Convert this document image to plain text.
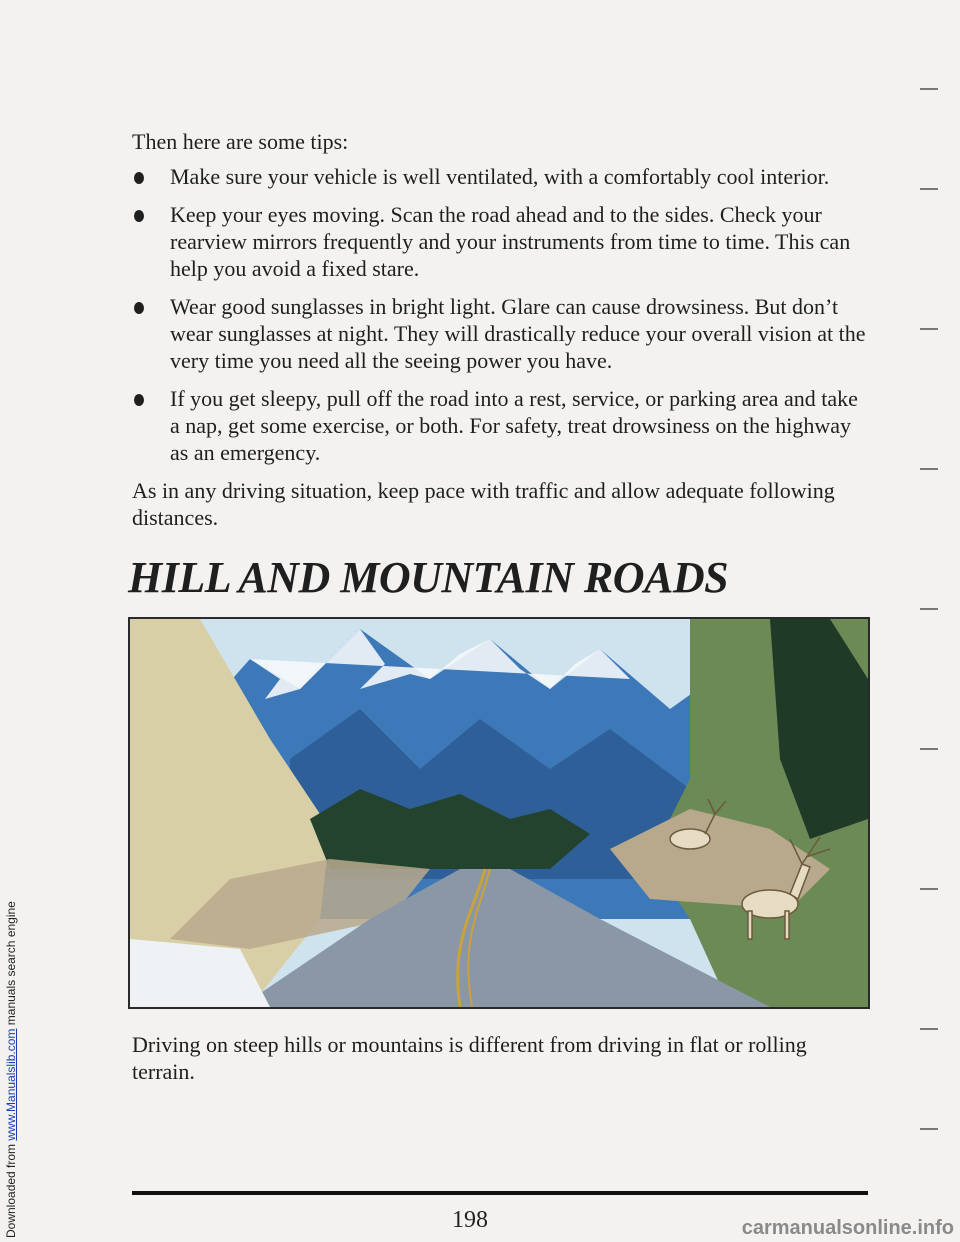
Downloaded from www.Manualslib.com manuals search engine

Then here are some tips:

Make sure your vehicle is well ventilated, with a comfortably cool interior.
Keep your eyes moving. Scan the road ahead and to the sides. Check your rearview mirrors frequently and your instruments from time to time. This can help you avoid a fixed stare.
Wear good sunglasses in bright light. Glare can cause drowsiness. But don’t wear sunglasses at night. They will drastically reduce your overall vision at the very time you need all the seeing power you have.
If you get sleepy, pull off the road into a rest, service, or parking area and take a nap, get some exercise, or both. For safety, treat drowsiness on the highway as an emergency.

As in any driving situation, keep pace with traffic and allow adequate following distances.

HILL AND MOUNTAIN ROADS

Driving on steep hills or mountains is different from driving in flat or rolling terrain.

198	carmanualsonline.info
